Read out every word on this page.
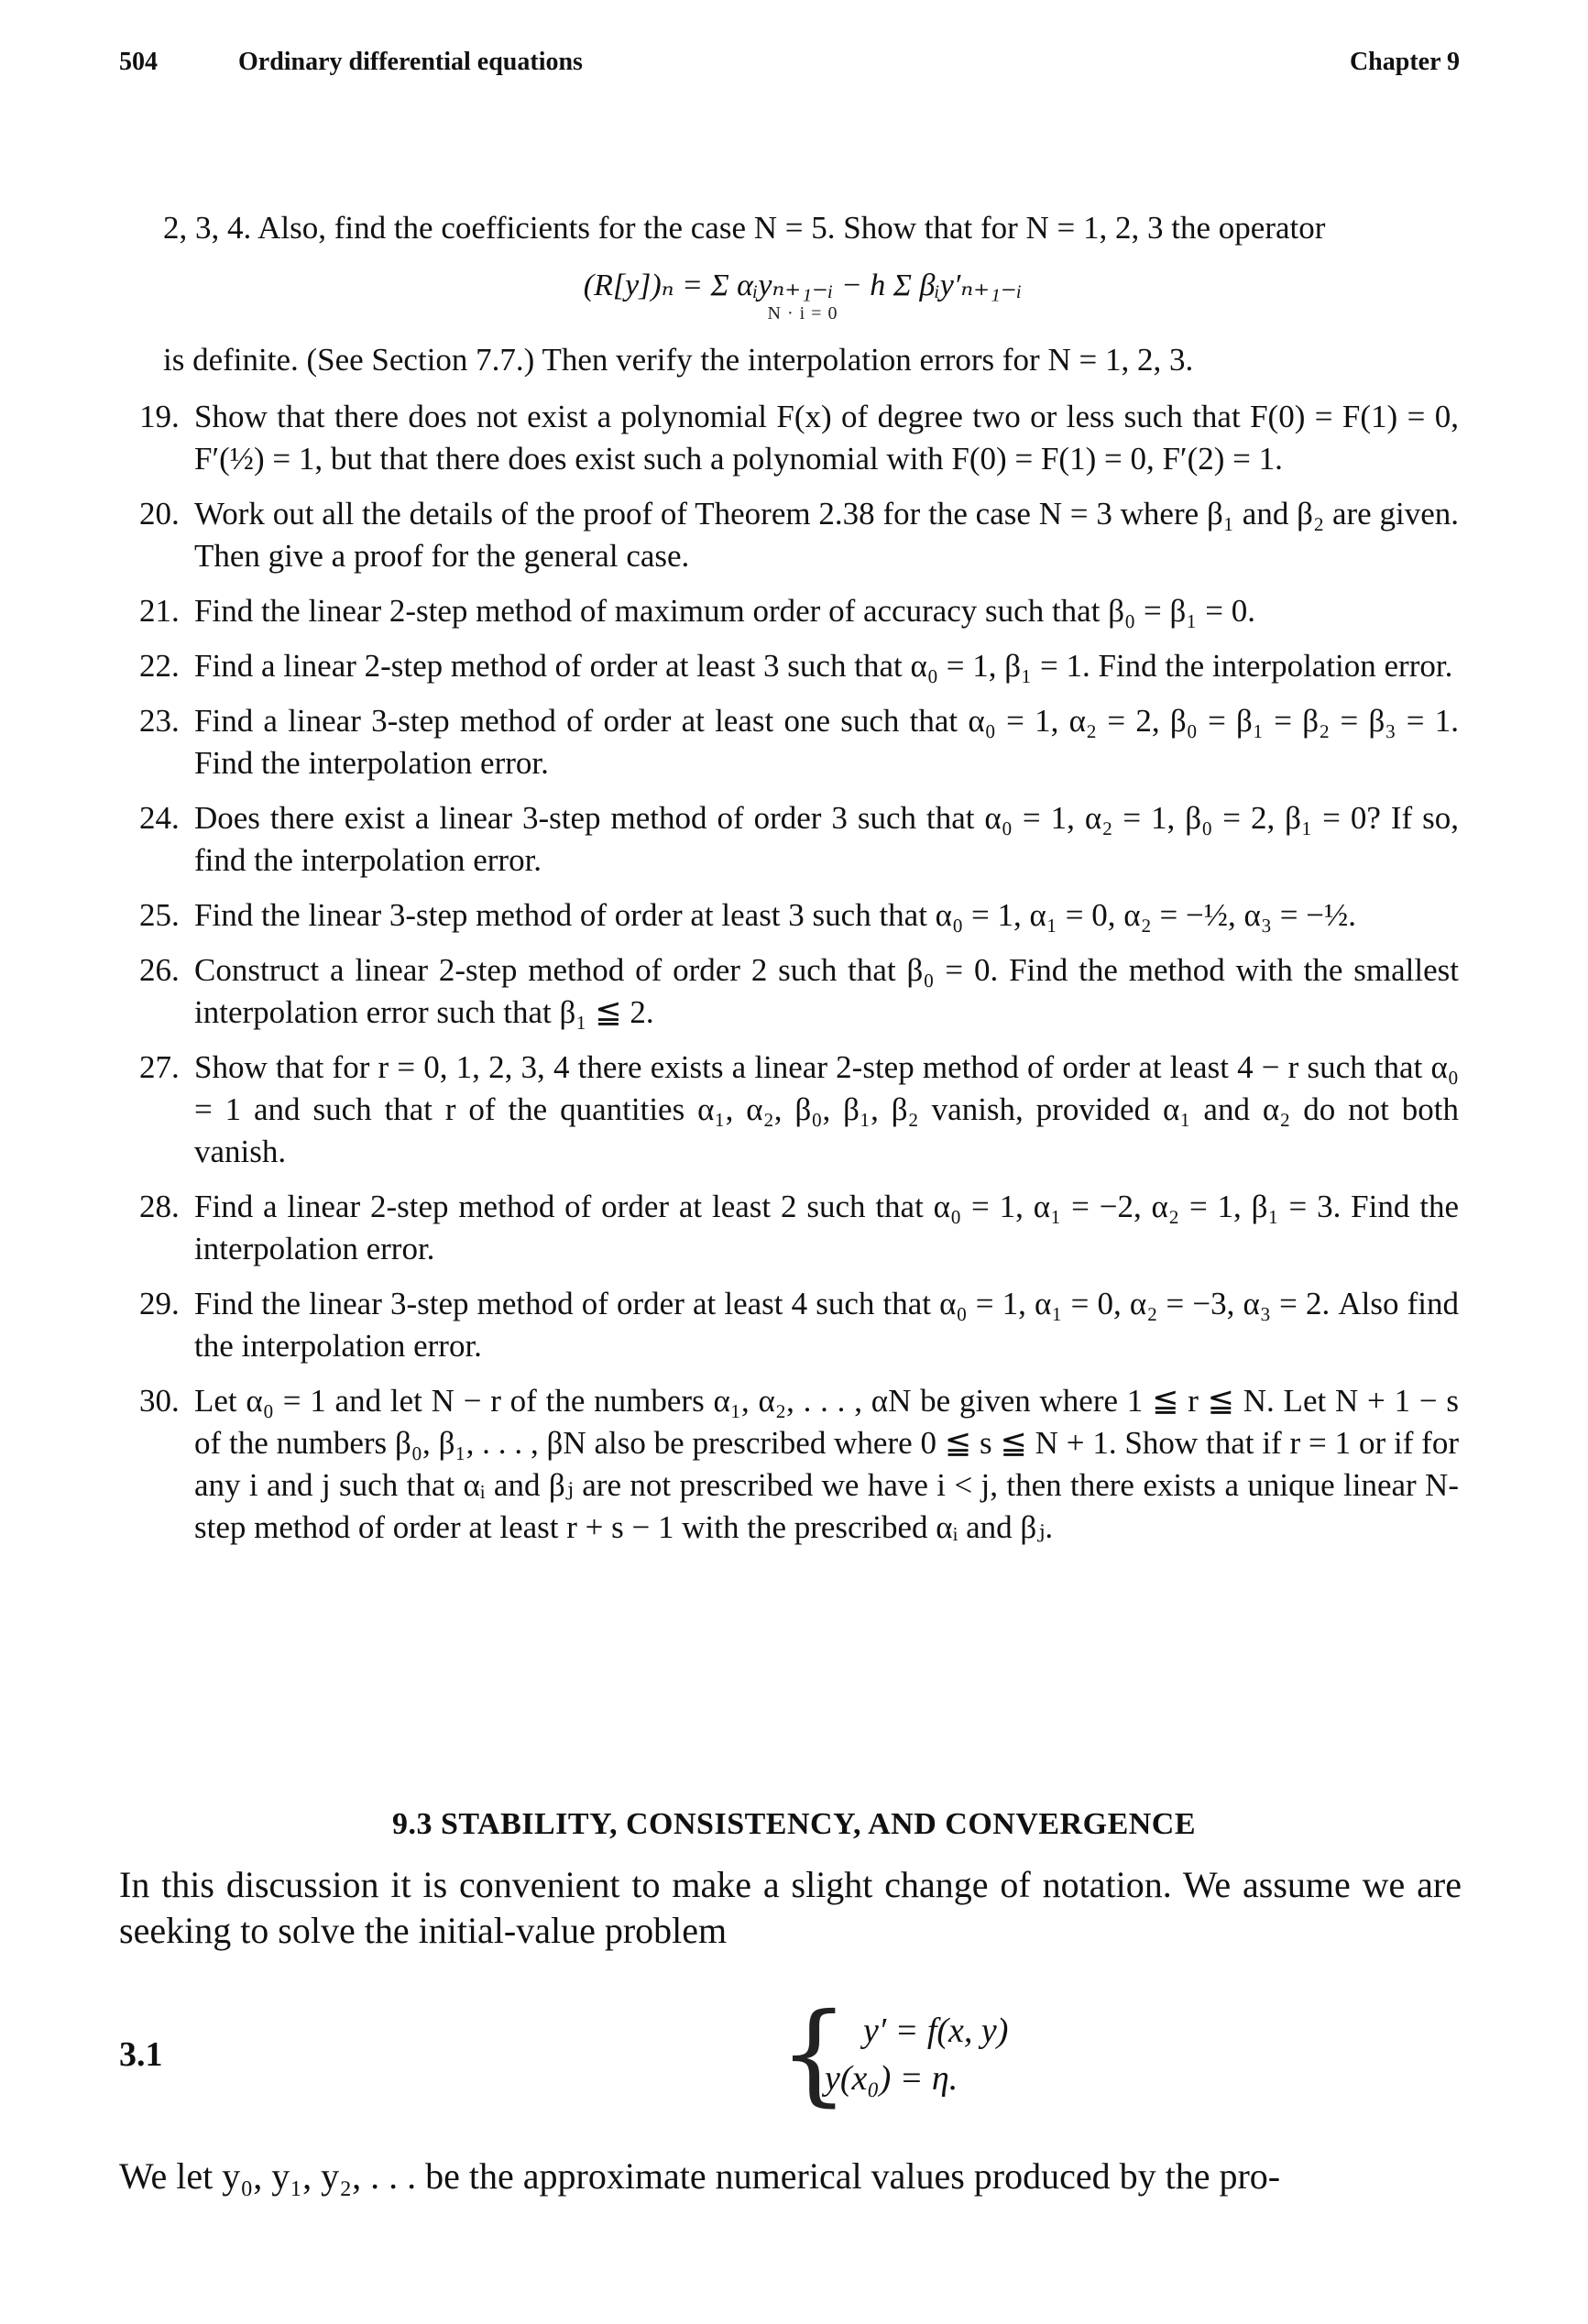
504	Ordinary differential equations	Chapter 9
2, 3, 4. Also, find the coefficients for the case N = 5. Show that for N = 1, 2, 3 the operator
(R[y])ₙ = Σ αᵢyₙ₊₁₋ᵢ − h Σ βᵢy′ₙ₊₁₋ᵢ
N · i = 0
is definite. (See Section 7.7.) Then verify the interpolation errors for N = 1, 2, 3.
19. Show that there does not exist a polynomial F(x) of degree two or less such that F(0) = F(1) = 0, F′(½) = 1, but that there does exist such a polynomial with F(0) = F(1) = 0, F′(2) = 1.
20. Work out all the details of the proof of Theorem 2.38 for the case N = 3 where β₁ and β₂ are given. Then give a proof for the general case.
21. Find the linear 2-step method of maximum order of accuracy such that β₀ = β₁ = 0.
22. Find a linear 2-step method of order at least 3 such that α₀ = 1, β₁ = 1. Find the interpolation error.
23. Find a linear 3-step method of order at least one such that α₀ = 1, α₂ = 2, β₀ = β₁ = β₂ = β₃ = 1. Find the interpolation error.
24. Does there exist a linear 3-step method of order 3 such that α₀ = 1, α₂ = 1, β₀ = 2, β₁ = 0? If so, find the interpolation error.
25. Find the linear 3-step method of order at least 3 such that α₀ = 1, α₁ = 0, α₂ = −½, α₃ = −½.
26. Construct a linear 2-step method of order 2 such that β₀ = 0. Find the method with the smallest interpolation error such that β₁ ≦ 2.
27. Show that for r = 0, 1, 2, 3, 4 there exists a linear 2-step method of order at least 4 − r such that α₀ = 1 and such that r of the quantities α₁, α₂, β₀, β₁, β₂ vanish, provided α₁ and α₂ do not both vanish.
28. Find a linear 2-step method of order at least 2 such that α₀ = 1, α₁ = −2, α₂ = 1, β₁ = 3. Find the interpolation error.
29. Find the linear 3-step method of order at least 4 such that α₀ = 1, α₁ = 0, α₂ = −3, α₃ = 2. Also find the interpolation error.
30. Let α₀ = 1 and let N − r of the numbers α₁, α₂, . . . , αN be given where 1 ≦ r ≦ N. Let N + 1 − s of the numbers β₀, β₁, . . . , βN also be prescribed where 0 ≦ s ≦ N + 1. Show that if r = 1 or if for any i and j such that αᵢ and βⱼ are not prescribed we have i < j, then there exists a unique linear N-step method of order at least r + s − 1 with the prescribed αᵢ and βⱼ.
9.3 STABILITY, CONSISTENCY, AND CONVERGENCE
In this discussion it is convenient to make a slight change of notation. We assume we are seeking to solve the initial-value problem
3.1	{ y′ = f(x, y)
y(x₀) = η.
We let y₀, y₁, y₂, . . . be the approximate numerical values produced by the pro-
